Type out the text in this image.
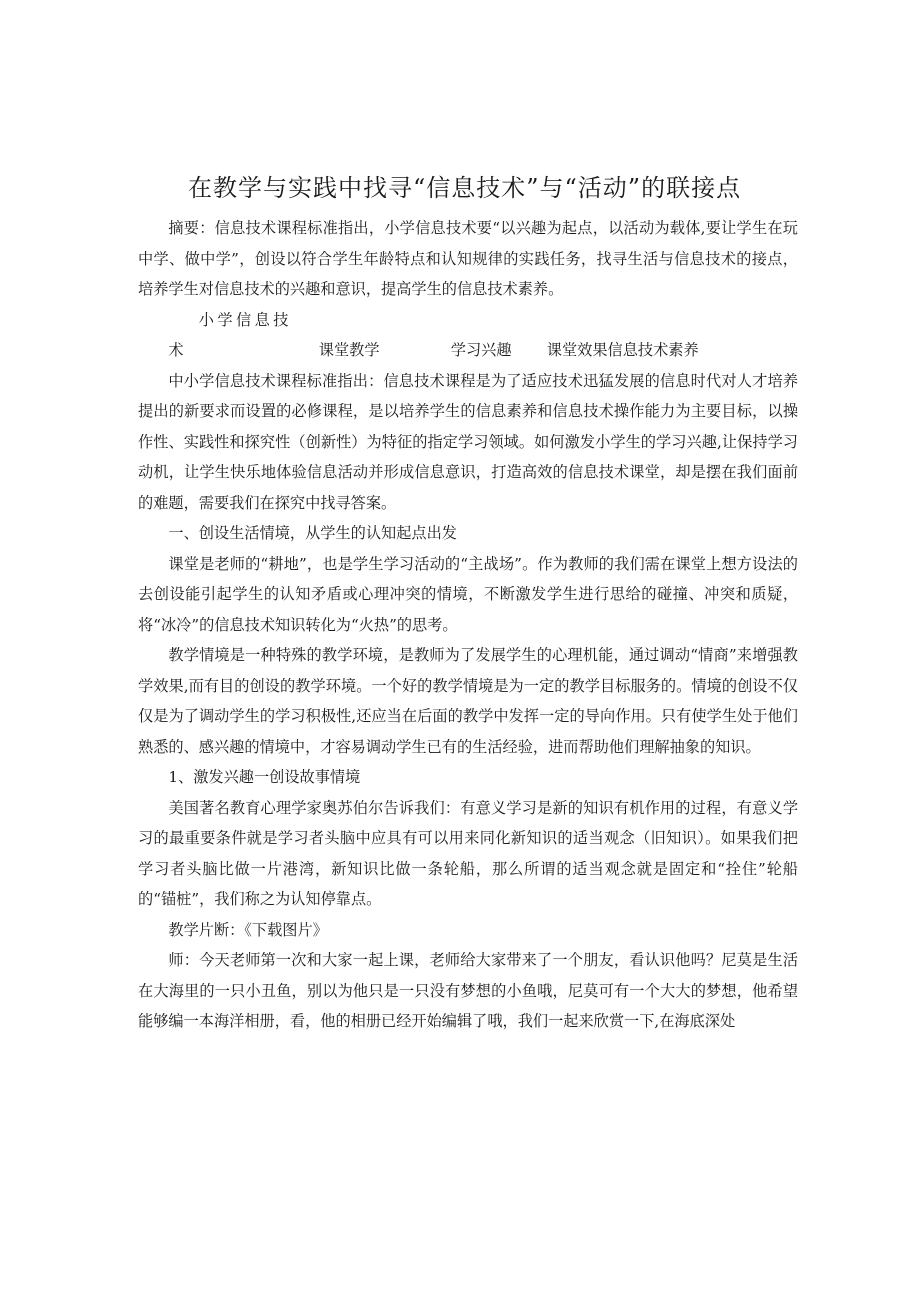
在教学与实践中找寻“信息技术”与“活动”的联接点

摘要：信息技术课程标准指出，小学信息技术要“以兴趣为起点，以活动为载体,要让学生在玩中学、做中学”，创设以符合学生年龄特点和认知规律的实践任务，找寻生活与信息技术的接点，培养学生对信息技术的兴趣和意识，提高学生的信息技术素养。

小学信息技术	课堂教学	学习兴趣 课堂效果信息技术素养

中小学信息技术课程标准指出：信息技术课程是为了适应技术迅猛发展的信息时代对人才培养提出的新要求而设置的必修课程，是以培养学生的信息素养和信息技术操作能力为主要目标，以操作性、实践性和探究性（创新性）为特征的指定学习领域。如何激发小学生的学习兴趣,让保持学习动机，让学生快乐地体验信息活动并形成信息意识，打造高效的信息技术课堂，却是摆在我们面前的难题，需要我们在探究中找寻答案。

一、创设生活情境，从学生的认知起点出发

课堂是老师的“耕地”，也是学生学习活动的“主战场”。作为教师的我们需在课堂上想方设法的去创设能引起学生的认知矛盾或心理冲突的情境，不断激发学生进行思给的碰撞、冲突和质疑，将“冰冷”的信息技术知识转化为“火热”的思考。

教学情境是一种特殊的教学环境，是教师为了发展学生的心理机能，通过调动“情商”来增强教学效果,而有目的创设的教学环境。一个好的教学情境是为一定的教学目标服务的。情境的创设不仅仅是为了调动学生的学习积极性,还应当在后面的教学中发挥一定的导向作用。只有使学生处于他们熟悉的、感兴趣的情境中，才容易调动学生已有的生活经验，进而帮助他们理解抽象的知识。

1、激发兴趣一创设故事情境

美国著名教育心理学家奥苏伯尔告诉我们：有意义学习是新的知识有机作用的过程，有意义学习的最重要条件就是学习者头脑中应具有可以用来同化新知识的适当观念（旧知识）。如果我们把学习者头脑比做一片港湾，新知识比做一条轮船，那么所谓的适当观念就是固定和“拴住”轮船的“锚桩”，我们称之为认知停靠点。

教学片断：《下载图片》

师：今天老师第一次和大家一起上课，老师给大家带来了一个朋友，看认识他吗？尼莫是生活在大海里的一只小丑鱼，别以为他只是一只没有梦想的小鱼哦，尼莫可有一个大大的梦想，他希望能够编一本海洋相册，看，他的相册已经开始编辑了哦，我们一起来欣赏一下,在海底深处
